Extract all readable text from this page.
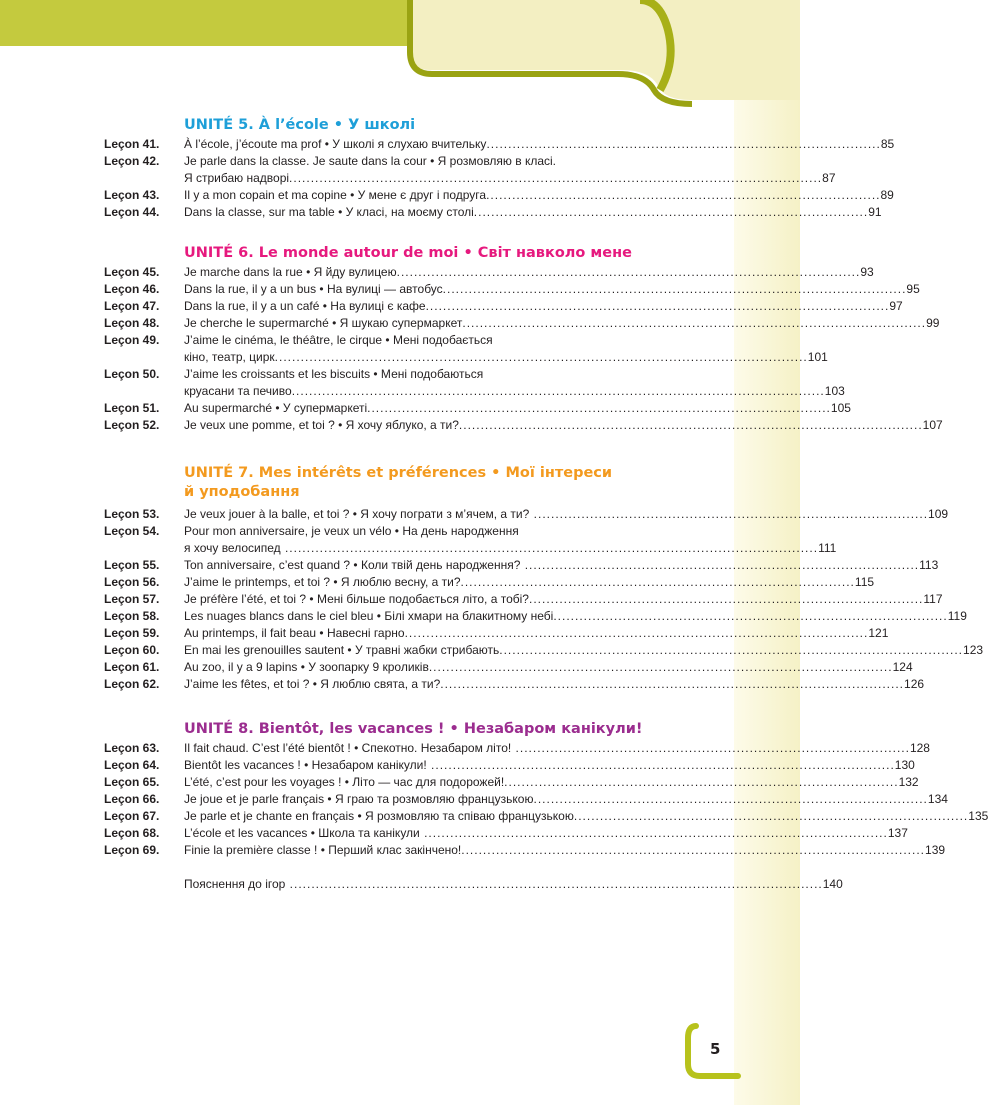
UNITÉ 5. À l’école • У школі
Leçon 41. À l’école, j’écoute ma prof • У школі я слухаю вчительку ........................................................................................... 85
Leçon 42. Je parle dans la classe. Je saute dans la cour • Я розмовляю в класі.
Я стрибаю надворі ........................................................................................................................... 87
Leçon 43. Il y a mon copain et ma copine • У мене є друг і подруга ........................................................................................... 89
Leçon 44. Dans la classe, sur ma table • У класі, на моєму столі ........................................................................................... 91
UNITÉ 6. Le monde autour de moi • Світ навколо мене
Leçon 45. Je marche dans la rue • Я йду вулицею ........................................................................................................... 93
Leçon 46. Dans la rue, il y a un bus • На вулиці — автобус ........................................................................................................... 95
Leçon 47. Dans la rue, il y a un café • На вулиці є кафе ........................................................................................................... 97
Leçon 48. Je cherche le supermarché • Я шукаю супермаркет ........................................................................................................... 99
Leçon 49. J’aime le cinéma, le théâtre, le cirque • Мені подобається
кіно, театр, цирк ........................................................................................................................... 101
Leçon 50. J’aime les croissants et les biscuits • Мені подобаються
круасани та печиво ........................................................................................................................... 103
Leçon 51. Au supermarché • У супермаркеті ........................................................................................................... 105
Leçon 52. Je veux une pomme, et toi ? • Я хочу яблуко, а ти? ........................................................................................................... 107
UNITÉ 7. Mes intérêts et préférences • Мої інтереси
й уподобання
Leçon 53. Je veux jouer à la balle, et toi ? • Я хочу пограти з м’ячем, а ти? ........................................................................................... 109
Leçon 54. Pour mon anniversaire, je veux un vélo • На день народження
я хочу велосипед ........................................................................................................................... 111
Leçon 55. Ton anniversaire, c’est quand ? • Коли твій день народження? ........................................................................................... 113
Leçon 56. J’aime le printemps, et toi ? • Я люблю весну, а ти? ........................................................................................... 115
Leçon 57. Je préfère l’été, et toi ? • Мені більше подобається літо, а тобі? ........................................................................................... 117
Leçon 58. Les nuages blancs dans le ciel bleu • Білі хмари на блакитному небі ........................................................................................... 119
Leçon 59. Au printemps, il fait beau • Навесні гарно ........................................................................................................... 121
Leçon 60. En mai les grenouilles sautent • У травні жабки стрибають ........................................................................................................... 123
Leçon 61. Au zoo, il y a 9 lapins • У зоопарку 9 кроликів ........................................................................................................... 124
Leçon 62. J’aime les fêtes, et toi ? • Я люблю свята, а ти? ........................................................................................................... 126
UNITÉ 8. Bientôt, les vacances ! • Незабаром канікули!
Leçon 63. Il fait chaud. C’est l’été bientôt ! • Спекотно. Незабаром літо! ........................................................................................... 128
Leçon 64. Bientôt les vacances ! • Незабаром канікули! ........................................................................................................... 130
Leçon 65. L’été, c’est pour les voyages ! • Літо — час для подорожей! ........................................................................................... 132
Leçon 66. Je joue et je parle français • Я граю та розмовляю французькою ........................................................................................... 134
Leçon 67. Je parle et je chante en français • Я розмовляю та співаю французькою ........................................................................................... 135
Leçon 68. L’école et les vacances • Школа та канікули ........................................................................................................... 137
Leçon 69. Finie la première classe ! • Перший клас закінчено! ........................................................................................................... 139
Пояснення до ігор ........................................................................................................................... 140
5
